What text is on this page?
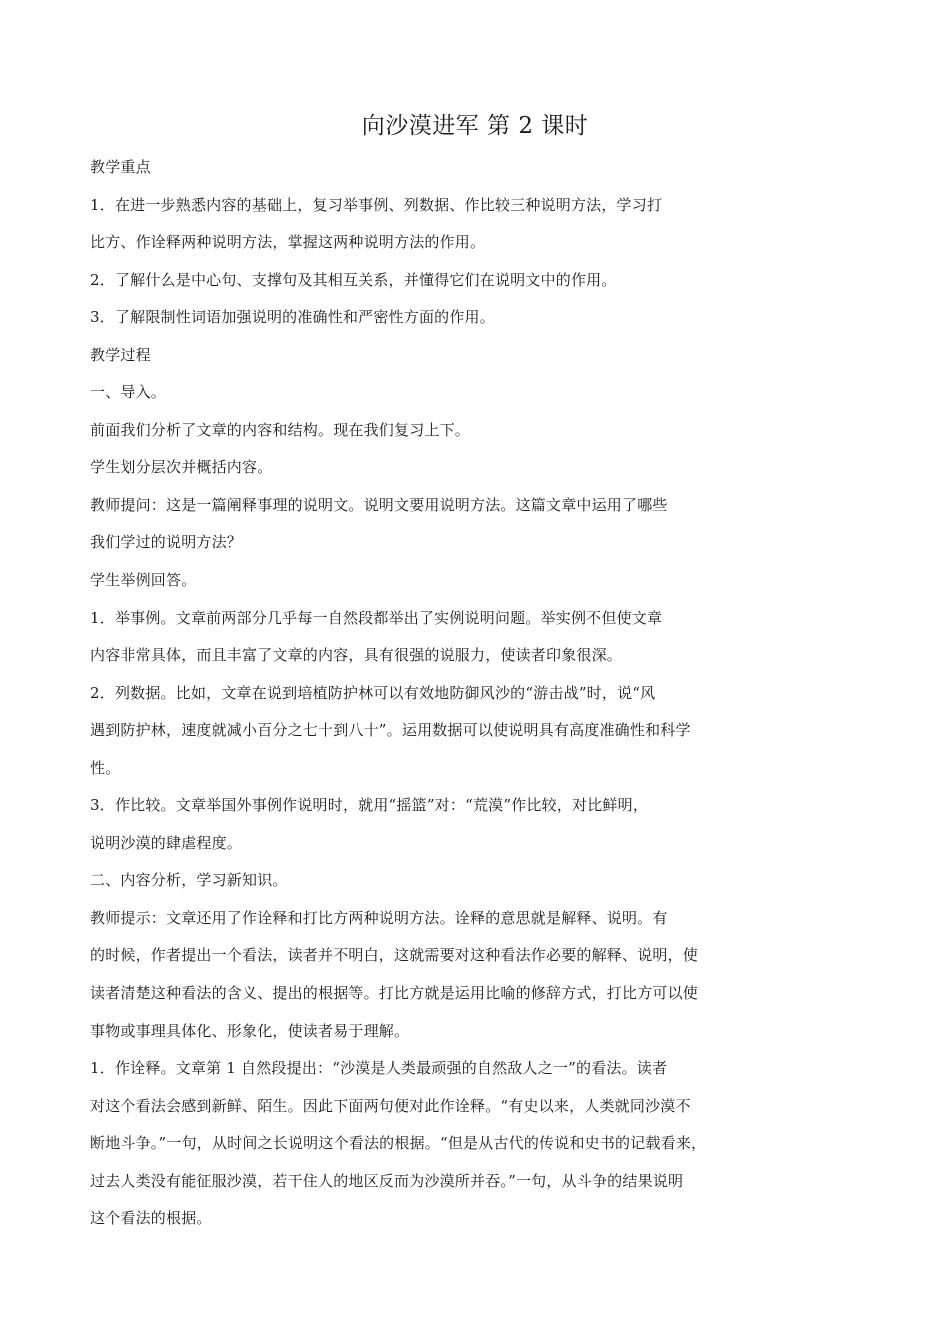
向沙漠进军 第 2 课时
教学重点
1．在进一步熟悉内容的基础上，复习举事例、列数据、作比较三种说明方法，学习打
比方、作诠释两种说明方法，掌握这两种说明方法的作用。
2．了解什么是中心句、支撑句及其相互关系，并懂得它们在说明文中的作用。
3．了解限制性词语加强说明的准确性和严密性方面的作用。
教学过程
一、导入。
前面我们分析了文章的内容和结构。现在我们复习上下。
学生划分层次并概括内容。
教师提问：这是一篇阐释事理的说明文。说明文要用说明方法。这篇文章中运用了哪些
我们学过的说明方法？
学生举例回答。
1．举事例。文章前两部分几乎每一自然段都举出了实例说明问题。举实例不但使文章
内容非常具体，而且丰富了文章的内容，具有很强的说服力，使读者印象很深。
2．列数据。比如，文章在说到培植防护林可以有效地防御风沙的“游击战”时，说“风
遇到防护林，速度就减小百分之七十到八十”。运用数据可以使说明具有高度准确性和科学
性。
3．作比较。文章举国外事例作说明时，就用“摇篮”对：“荒漠”作比较，对比鲜明，
说明沙漠的肆虐程度。
二、内容分析，学习新知识。
教师提示：文章还用了作诠释和打比方两种说明方法。诠释的意思就是解释、说明。有
的时候，作者提出一个看法，读者并不明白，这就需要对这种看法作必要的解释、说明，使
读者清楚这种看法的含义、提出的根据等。打比方就是运用比喻的修辞方式，打比方可以使
事物或事理具体化、形象化，使读者易于理解。
1．作诠释。文章第 1 自然段提出：“沙漠是人类最顽强的自然敌人之一”的看法。读者
对这个看法会感到新鲜、陌生。因此下面两句便对此作诠释。“有史以来，人类就同沙漠不
断地斗争。”一句，从时间之长说明这个看法的根据。“但是从古代的传说和史书的记载看来，
过去人类没有能征服沙漠，若干住人的地区反而为沙漠所并吞。”一句，从斗争的结果说明
这个看法的根据。
